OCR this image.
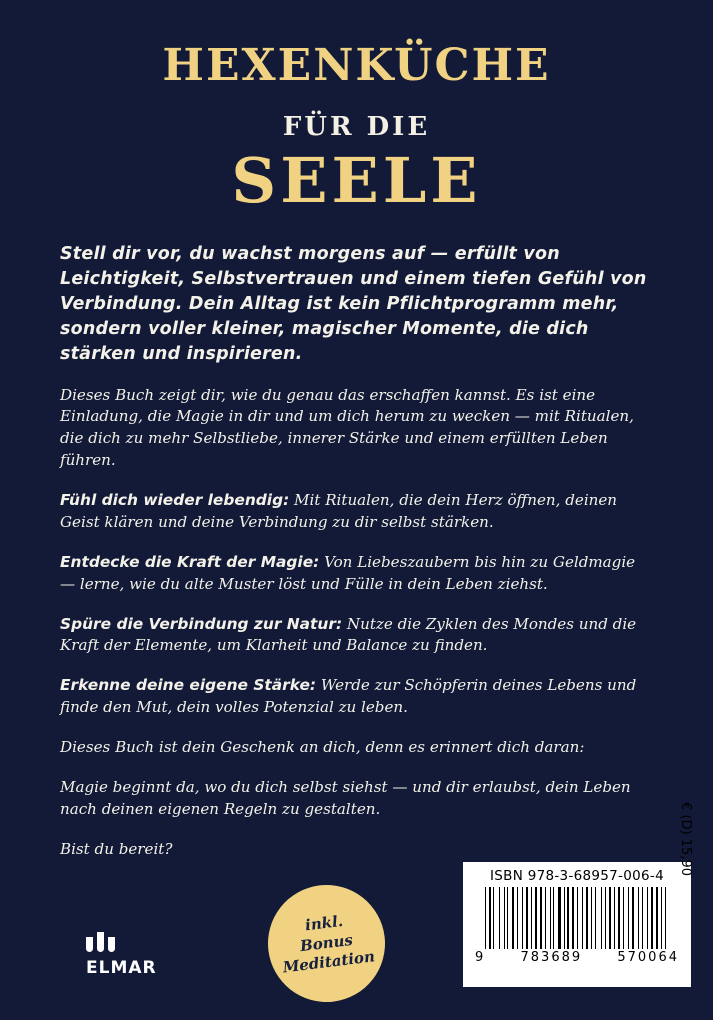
HEXENKÜCHE
FÜR DIE
SEELE

Stell dir vor, du wachst morgens auf — erfüllt von Leichtigkeit, Selbstvertrauen und einem tiefen Gefühl von Verbindung. Dein Alltag ist kein Pflichtprogramm mehr, sondern voller kleiner, magischer Momente, die dich stärken und inspirieren.

Dieses Buch zeigt dir, wie du genau das erschaffen kannst. Es ist eine Einladung, die Magie in dir und um dich herum zu wecken — mit Ritualen, die dich zu mehr Selbstliebe, innerer Stärke und einem erfüllten Leben führen.

Fühl dich wieder lebendig: Mit Ritualen, die dein Herz öffnen, deinen Geist klären und deine Verbindung zu dir selbst stärken.

Entdecke die Kraft der Magie: Von Liebeszaubern bis hin zu Geldmagie — lerne, wie du alte Muster löst und Fülle in dein Leben ziehst.

Spüre die Verbindung zur Natur: Nutze die Zyklen des Mondes und die Kraft der Elemente, um Klarheit und Balance zu finden.

Erkenne deine eigene Stärke: Werde zur Schöpferin deines Lebens und finde den Mut, dein volles Potenzial zu leben.

Dieses Buch ist dein Geschenk an dich, denn es erinnert dich daran:

Magie beginnt da, wo du dich selbst siehst — und dir erlaubst, dein Leben nach deinen eigenen Regeln zu gestalten.

Bist du bereit?

inkl.
Bonus
Meditation
ELMAR
ISBN 978-3-68957-006-4
9	783689	570064
€ (D) 15,90
